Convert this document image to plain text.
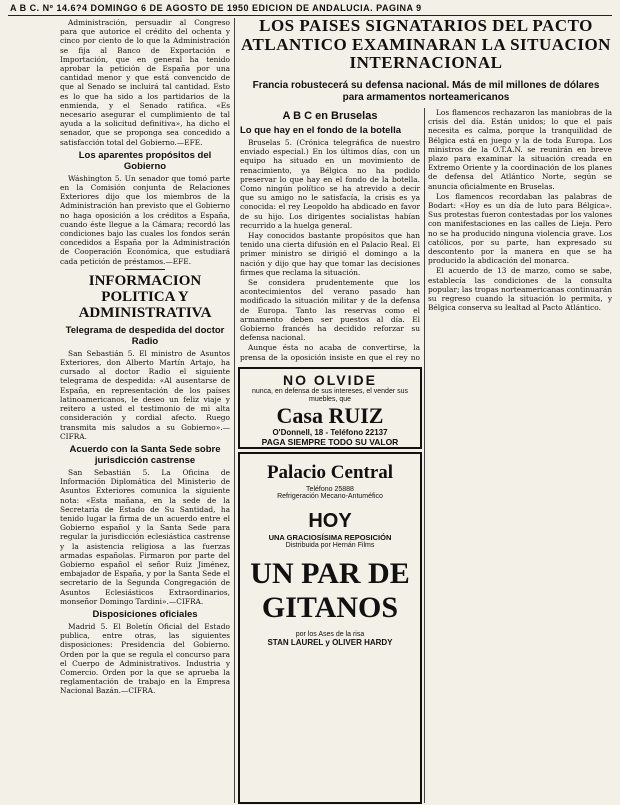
A B C. Nº 14.6?4 DOMINGO 6 DE AGOSTO DE 1950 EDICION DE ANDALUCIA. PAGINA 9

Administración, persuadir al Congreso para que autorice el crédito del ochenta y cinco por ciento de lo que la Administración se fija al Banco de Exportación e Importación, que en general ha tenido aprobar la petición de España por una cantidad menor y que está convencido de que al Senado se incluirá tal cantidad. Esto es lo que ha sido a los partidarios de la enmienda, y el Senado ratifica. «Es necesario asegurar el cumplimiento de tal ayuda a la solicitud definitiva», ha dicho el senador, que se proponga sea concedido a satisfacción total del Gobierno.—EFE.

Los aparentes propósitos del Gobierno

Wáshington 5. Un senador que tomó parte en la Comisión conjunta de Relaciones Exteriores dijo que los miembros de la Administración han previsto que el Gobierno no haga oposición a los créditos a España, cuando éste llegue a la Cámara; recordó las condiciones bajo las cuales los fondos serán concedidos a España por la Administración de Cooperación Económica, que estudiará cada petición de préstamos.—EFE.

INFORMACION POLITICA Y ADMINISTRATIVA
Telegrama de despedida del doctor Radio

San Sebastián 5. El ministro de Asuntos Exteriores, don Alberto Martín Artajo, ha cursado al doctor Radio el siguiente telegrama de despedida: «Al ausentarse de España, en representación de los países latinoamericanos, le deseo un feliz viaje y reitero a usted el testimonio de mi alta consideración y cordial afecto. Ruego transmita mis saludos a su Gobierno».—CIFRA.

Acuerdo con la Santa Sede sobre jurisdicción castrense

San Sebastián 5. La Oficina de Información Diplomática del Ministerio de Asuntos Exteriores comunica la siguiente nota: «Esta mañana, en la sede de la Secretaría de Estado de Su Santidad, ha tenido lugar la firma de un acuerdo entre el Gobierno español y la Santa Sede para regular la jurisdicción eclesiástica castrense y la asistencia religiosa a las fuerzas armadas españolas. Firmaron por parte del Gobierno español el señor Ruiz Jiménez, embajador de España, y por la Santa Sede el secretario de la Segunda Congregación de Asuntos Eclesiásticos Extraordinarios, monseñor Domingo Tardini».—CIFRA.

Disposiciones oficiales

Madrid 5. El Boletín Oficial del Estado publica, entre otras, las siguientes disposiciones: Presidencia del Gobierno. Orden por la que se regula el concurso para el Cuerpo de Administrativos. Industria y Comercio. Orden por la que se aprueba la reglamentación de trabajo en la Empresa Nacional Bazán.—CIFRA.

LOS PAISES SIGNATARIOS DEL PACTO ATLANTICO EXAMINARAN LA SITUACION INTERNACIONAL
Francia robustecerá su defensa nacional. Más de mil millones de dólares para armamentos norteamericanos
A B C en Bruselas
Lo que hay en el fondo de la botella

Bruselas 5. (Crónica telegráfica de nuestro enviado especial.) En los últimos días, con un equipo ha situado en un movimiento de renacimiento, ya Bélgica no ha podido preservar lo que hay en el fondo de la botella. Como ningún político se ha atrevido a decir que su amigo no le satisfacía, la crisis es ya conocida: el rey Leopoldo ha abdicado en favor de su hijo. Los dirigentes socialistas habían recurrido a la huelga general.

Hay conocidos bastante propósitos que han tenido una cierta difusión en el Palacio Real. El primer ministro se dirigió el domingo a la nación y dijo que hay que tomar las decisiones firmes que reclama la situación.

Se considera prudentemente que los acontecimientos del verano pasado han modificado la situación militar y de la defensa de Europa. Tanto las reservas como el armamento deben ser puestos al día. El Gobierno francés ha decidido reforzar su defensa nacional.

Aunque ésta no acaba de convertirse, la prensa de la oposición insiste en que el rey no

Los flamencos rechazaron las maniobras de la crisis del día. Están unidos; lo que el país necesita es calma, porque la tranquilidad de Bélgica está en juego y la de toda Europa. Los ministros de la O.T.A.N. se reunirán en breve plazo para examinar la situación creada en Extremo Oriente y la coordinación de los planes de defensa del Atlántico Norte, según se anuncia oficialmente en Bruselas.

Los flamencos recordaban las palabras de Bodart: «Hoy es un día de luto para Bélgica». Sus protestas fueron contestadas por los valones con manifestaciones en las calles de Lieja. Pero no se ha producido ninguna violencia grave. Los católicos, por su parte, han expresado su descontento por la manera en que se ha producido la abdicación del monarca.

El acuerdo de 13 de marzo, como se sabe, establecía las condiciones de la consulta popular; las tropas norteamericanas continuarán su regreso cuando la situación lo permita, y Bélgica conserva su lealtad al Pacto Atlántico.

NO OLVIDE
nunca, en defensa de sus intereses, el vender sus muebles, que
Casa RUIZ
O'Donnell, 18 - Teléfono 22137
PAGA SIEMPRE TODO SU VALOR
Palacio Central
Teléfono 25888
Refrigeración Mecano-Antuméfico
HOY
UNA GRACIOSÍSIMA REPOSICIÓN
Distribuida por Hernán Films
UN PAR DE
GITANOS
por los Ases de la risa
STAN LAUREL y OLIVER HARDY
